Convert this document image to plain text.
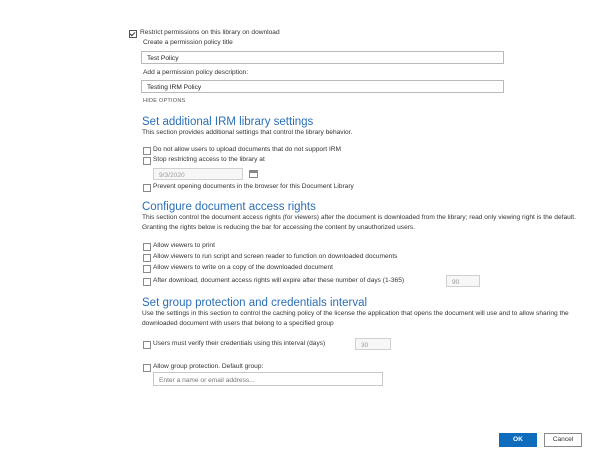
Restrict permissions on this library on download
Create a permission policy title
Test Policy
Add a permission policy description:
Testing IRM Policy
HIDE OPTIONS
Set additional IRM library settings
This section provides additional settings that control the library behavior.
Do not allow users to upload documents that do not support IRM
Stop restricting access to the library at
9/3/2020
Prevent opening documents in the browser for this Document Library
Configure document access rights
This section control the document access rights (for viewers) after the document is downloaded from the library; read only viewing right is the default. Granting the rights below is reducing the bar for accessing the content by unauthorized users.
Allow viewers to print
Allow viewers to run script and screen reader to function on downloaded documents
Allow viewers to write on a copy of the downloaded document
After download, document access rights will expire after these number of days (1-365)	90
Set group protection and credentials interval
Use the settings in this section to control the caching policy of the license the application that opens the document will use and to allow sharing the downloaded document with users that belong to a specified group
Users must verify their credentials using this interval (days)	30
Allow group protection. Default group:
Enter a name or email address...
OK	Cancel
